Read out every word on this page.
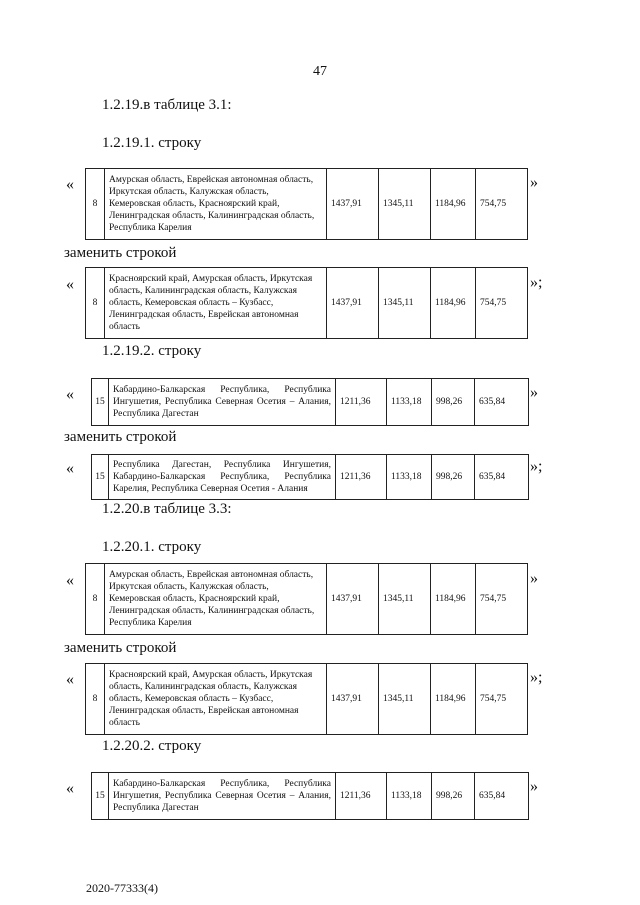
47
1.2.19.в таблице 3.1:
1.2.19.1. строку
«
8	Амурская область, Еврейская автономная область, Иркутская область, Калужская область, Кемеровская область, Красноярский край, Ленинградская область, Калининградская область, Республика Карелия	1437,91	1345,11	1184,96	754,75
»
заменить строкой
«
8	Красноярский край, Амурская область, Иркутская область, Калининградская область, Калужская область, Кемеровская область – Кузбасс, Ленинградская область, Еврейская автономная область	1437,91	1345,11	1184,96	754,75
»;
1.2.19.2. строку
« 15	Кабардино-Балкарская Республика, Республика Ингушетия, Республика Северная Осетия – Алания, Республика Дагестан	1211,36	1133,18	998,26	635,84
»
заменить строкой
« 15	Республика Дагестан, Республика Ингушетия, Кабардино-Балкарская Республика, Республика Карелия, Республика Северная Осетия - Алания	1211,36	1133,18	998,26	635,84
»;
1.2.20.в таблице 3.3:
1.2.20.1. строку
«
8	Амурская область, Еврейская автономная область, Иркутская область, Калужская область, Кемеровская область, Красноярский край, Ленинградская область, Калининградская область, Республика Карелия	1437,91	1345,11	1184,96	754,75
»
заменить строкой
«
8	Красноярский край, Амурская область, Иркутская область, Калининградская область, Калужская область, Кемеровская область – Кузбасс, Ленинградская область, Еврейская автономная область	1437,91	1345,11	1184,96	754,75
»;
1.2.20.2. строку
« 15	Кабардино-Балкарская Республика, Республика Ингушетия, Республика Северная Осетия – Алания, Республика Дагестан	1211,36	1133,18	998,26	635,84
»
2020-77333(4)
